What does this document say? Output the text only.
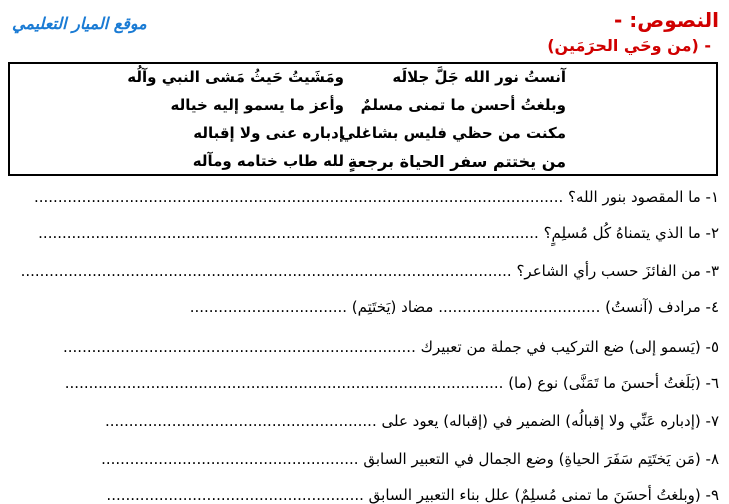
موقع الميار التعليمي	النصوص: -
- (من وحَي الحرَمَين)
آنستُ نور الله جَلَّ جلالَه
ومَشَيتُ حَيثُ مَشى النبي وآلُه
وبلغتُ أحسن ما تمنى مسلمٌ
وأعز ما يسمو إليه خياله
مكنت من حظي فليس بشاغلي
إدباره عنى ولا إقباله
من يختتم سفر الحياة برجعةٍ
لله طاب ختامه ومآله
١- ما المقصود بنور الله؟ ...............................................................................................................
٢- ما الذي يتمناهُ كُل مُسلِمٍ؟ .........................................................................................................
٣- من الفائزَ حسب رأي الشاعر؟ .......................................................................................................
٤- مرادف (آنستُ) .................................. مضاد (يَختَتِم) .................................
٥- (يَسمو إلى) ضع التركيب في جملة من تعبيرك ..........................................................................
٦- (بَلَغتُ أحسنَ ما تَمَنَّى) نوع (ما) ............................................................................................
٧- (إدباره عَنِّي ولا إقبالُه) الضمير في (إقباله) يعود على .........................................................
٨- (مَن يَختَتِم سَفَرَ الحياةِ) وضع الجمال في التعبير السابق ......................................................
٩- (وبلغتُ أحسَنَ ما تمنى مُسلِمٌ) علل بناء التعبير السابق ......................................................
